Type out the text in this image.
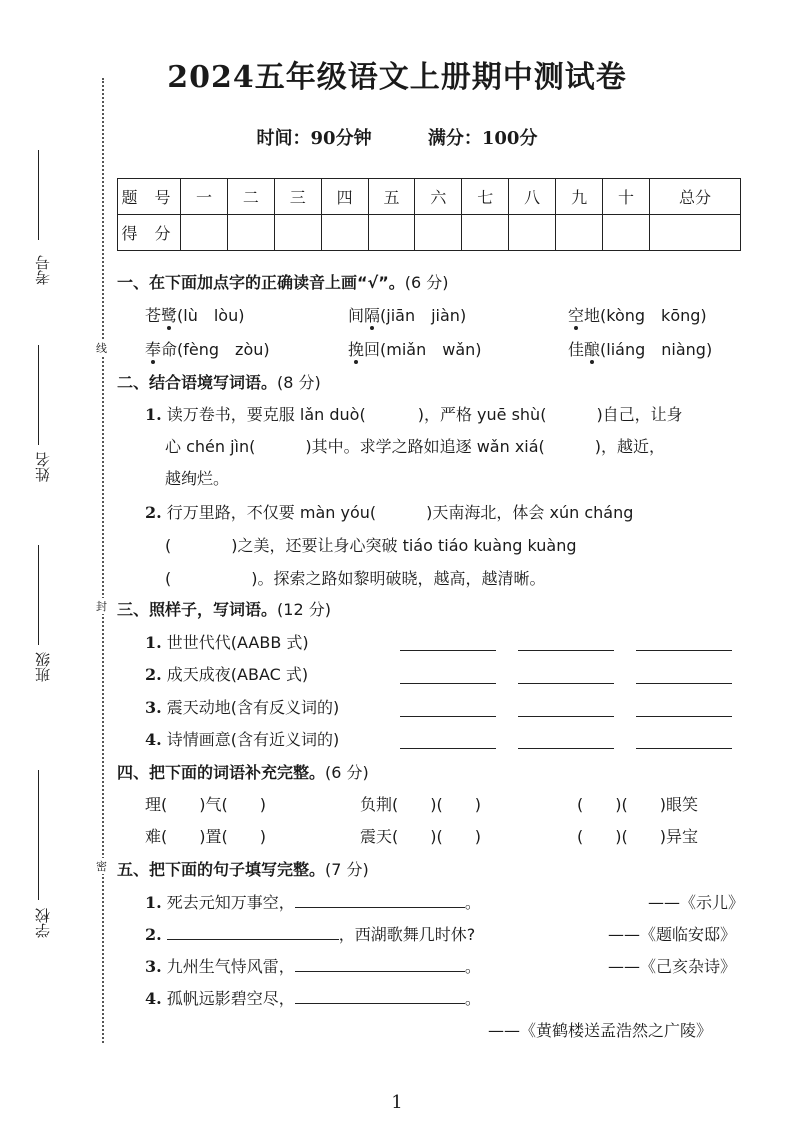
线
封
密
考号
姓名
班级
学校
2024五年级语文上册期中测试卷
时间：90分钟	满分：100分
题 号	一	二	三	四	五	六	七	八	九	十	总分
得 分											
一、在下面加点字的正确读音上画“√”。(6 分)
苍鹭(lù　lòu)	间隔(jiān　jiàn)	空地(kòng　kōng)
奉命(fèng　zòu)	挽回(miǎn　wǎn)	佳酿(liáng　niàng)
二、结合语境写词语。(8 分)
1. 读万卷书，要克服 lǎn duò(	)，严格 yuē shù(	)自己，让身
心 chén jìn(	)其中。求学之路如追逐 wǎn xiá(	)，越近，
越绚烂。
2. 行万里路，不仅要 màn yóu(	)天南海北，体会 xún cháng
(	)之美，还要让身心突破 tiáo tiáo kuàng kuàng
(	)。探索之路如黎明破晓，越高，越清晰。
三、照样子，写词语。(12 分)
1. 世世代代(AABB 式)
2. 成天成夜(ABAC 式)
3. 震天动地(含有反义词的)
4. 诗情画意(含有近义词的)
四、把下面的词语补充完整。(6 分)
理(　　)气(　　)	负荆(　　)(　　)	(　　)(　　)眼笑
难(　　)置(　　)	震天(　　)(　　)	(　　)(　　)异宝
五、把下面的句子填写完整。(7 分)
1. 死去元知万事空，	。	——《示儿》
2.	，西湖歌舞几时休?	——《题临安邸》
3. 九州生气恃风雷，	。	——《己亥杂诗》
4. 孤帆远影碧空尽，	。
——《黄鹤楼送孟浩然之广陵》
1
